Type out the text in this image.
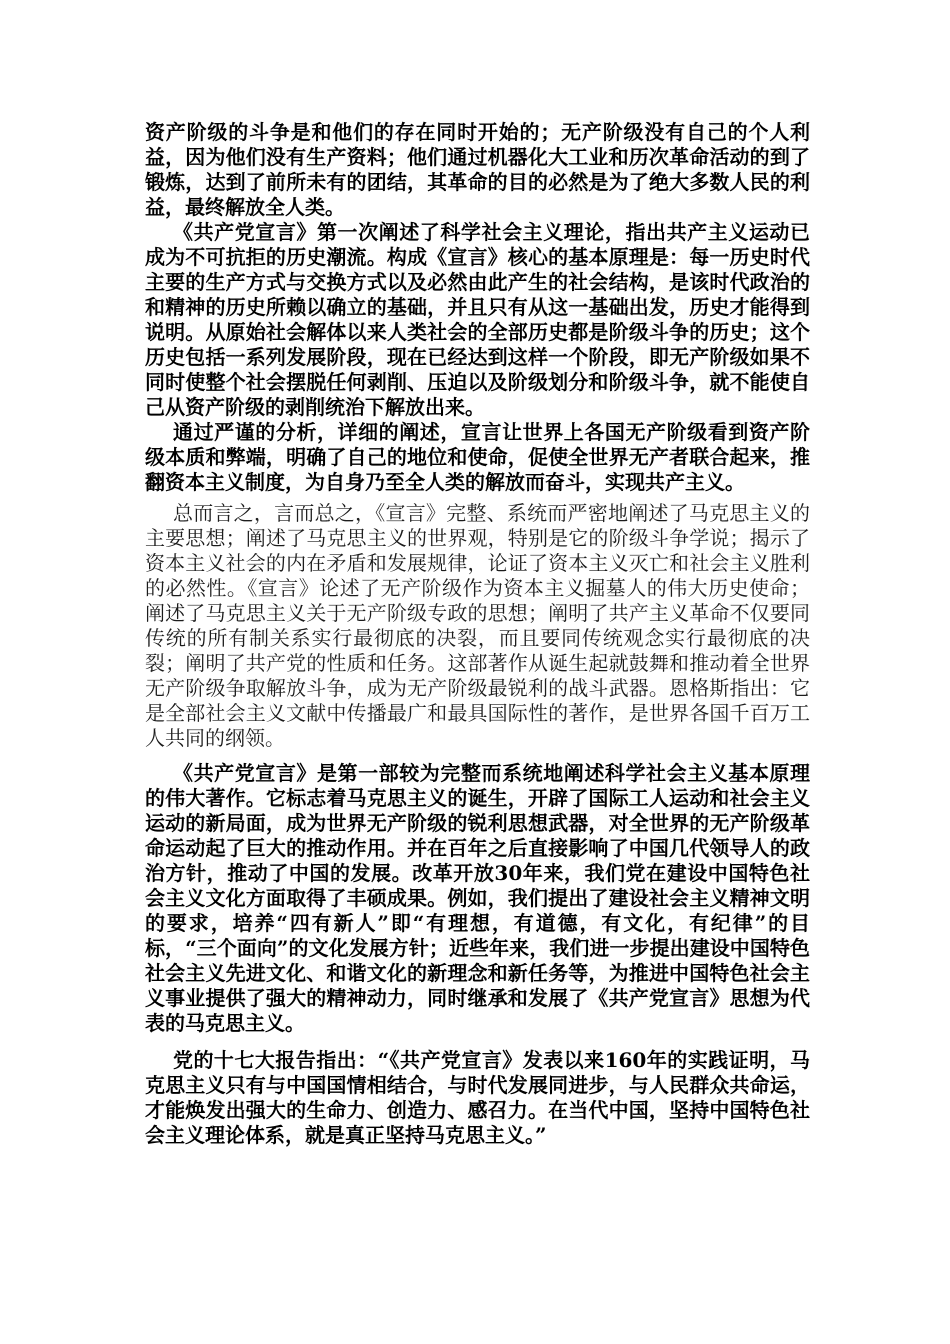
资产阶级的斗争是和他们的存在同时开始的；无产阶级没有自己的个人利益，因为他们没有生产资料；他们通过机器化大工业和历次革命活动的到了锻炼，达到了前所未有的团结，其革命的目的必然是为了绝大多数人民的利益，最终解放全人类。

《共产党宣言》第一次阐述了科学社会主义理论，指出共产主义运动已成为不可抗拒的历史潮流。构成《宣言》核心的基本原理是：每一历史时代主要的生产方式与交换方式以及必然由此产生的社会结构，是该时代政治的和精神的历史所赖以确立的基础，并且只有从这一基础出发，历史才能得到说明。从原始社会解体以来人类社会的全部历史都是阶级斗争的历史；这个历史包括一系列发展阶段，现在已经达到这样一个阶段，即无产阶级如果不同时使整个社会摆脱任何剥削、压迫以及阶级划分和阶级斗争，就不能使自己从资产阶级的剥削统治下解放出来。

通过严谨的分析，详细的阐述，宣言让世界上各国无产阶级看到资产阶级本质和弊端，明确了自己的地位和使命，促使全世界无产者联合起来，推翻资本主义制度，为自身乃至全人类的解放而奋斗，实现共产主义。

总而言之，言而总之，《宣言》完整、系统而严密地阐述了马克思主义的主要思想；阐述了马克思主义的世界观，特别是它的阶级斗争学说；揭示了资本主义社会的内在矛盾和发展规律，论证了资本主义灭亡和社会主义胜利的必然性。《宣言》论述了无产阶级作为资本主义掘墓人的伟大历史使命；阐述了马克思主义关于无产阶级专政的思想；阐明了共产主义革命不仅要同传统的所有制关系实行最彻底的决裂，而且要同传统观念实行最彻底的决裂；阐明了共产党的性质和任务。这部著作从诞生起就鼓舞和推动着全世界无产阶级争取解放斗争，成为无产阶级最锐利的战斗武器。恩格斯指出：它是全部社会主义文献中传播最广和最具国际性的著作，是世界各国千百万工人共同的纲领。

《共产党宣言》是第一部较为完整而系统地阐述科学社会主义基本原理的伟大著作。它标志着马克思主义的诞生，开辟了国际工人运动和社会主义运动的新局面，成为世界无产阶级的锐利思想武器，对全世界的无产阶级革命运动起了巨大的推动作用。并在百年之后直接影响了中国几代领导人的政治方针，推动了中国的发展。改革开放30年来，我们党在建设中国特色社会主义文化方面取得了丰硕成果。例如，我们提出了建设社会主义精神文明的要求，培养“四有新人”即“有理想，有道德，有文化，有纪律”的目标，“三个面向”的文化发展方针；近些年来，我们进一步提出建设中国特色社会主义先进文化、和谐文化的新理念和新任务等，为推进中国特色社会主义事业提供了强大的精神动力，同时继承和发展了《共产党宣言》思想为代表的马克思主义。

党的十七大报告指出：“《共产党宣言》发表以来160年的实践证明，马克思主义只有与中国国情相结合，与时代发展同进步，与人民群众共命运，才能焕发出强大的生命力、创造力、感召力。在当代中国，坚持中国特色社会主义理论体系，就是真正坚持马克思主义。”
